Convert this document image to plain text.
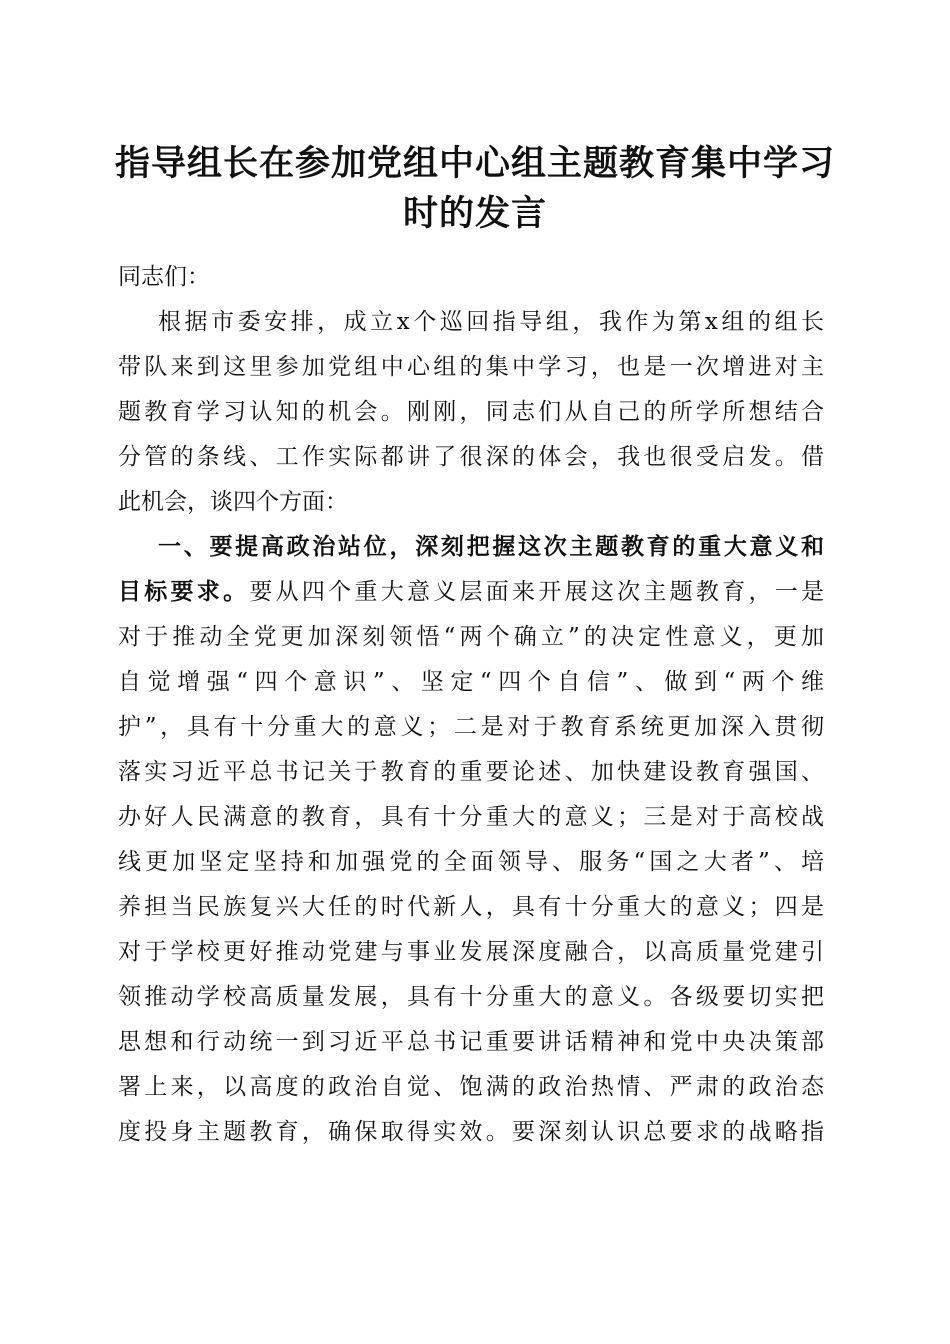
指导组长在参加党组中心组主题教育集中学习
时的发言
同志们：
根据市委安排，成立x个巡回指导组，我作为第x组的组长
带队来到这里参加党组中心组的集中学习，也是一次增进对主
题教育学习认知的机会。刚刚，同志们从自己的所学所想结合
分管的条线、工作实际都讲了很深的体会，我也很受启发。借
此机会，谈四个方面：
一、要提高政治站位，深刻把握这次主题教育的重大意义和
目标要求。要从四个重大意义层面来开展这次主题教育，一是
对于推动全党更加深刻领悟“两个确立”的决定性意义，更加
自觉增强“四个意识”、坚定“四个自信”、做到“两个维
护”，具有十分重大的意义；二是对于教育系统更加深入贯彻
落实习近平总书记关于教育的重要论述、加快建设教育强国、
办好人民满意的教育，具有十分重大的意义；三是对于高校战
线更加坚定坚持和加强党的全面领导、服务“国之大者”、培
养担当民族复兴大任的时代新人，具有十分重大的意义；四是
对于学校更好推动党建与事业发展深度融合，以高质量党建引
领推动学校高质量发展，具有十分重大的意义。各级要切实把
思想和行动统一到习近平总书记重要讲话精神和党中央决策部
署上来，以高度的政治自觉、饱满的政治热情、严肃的政治态
度投身主题教育，确保取得实效。要深刻认识总要求的战略指
